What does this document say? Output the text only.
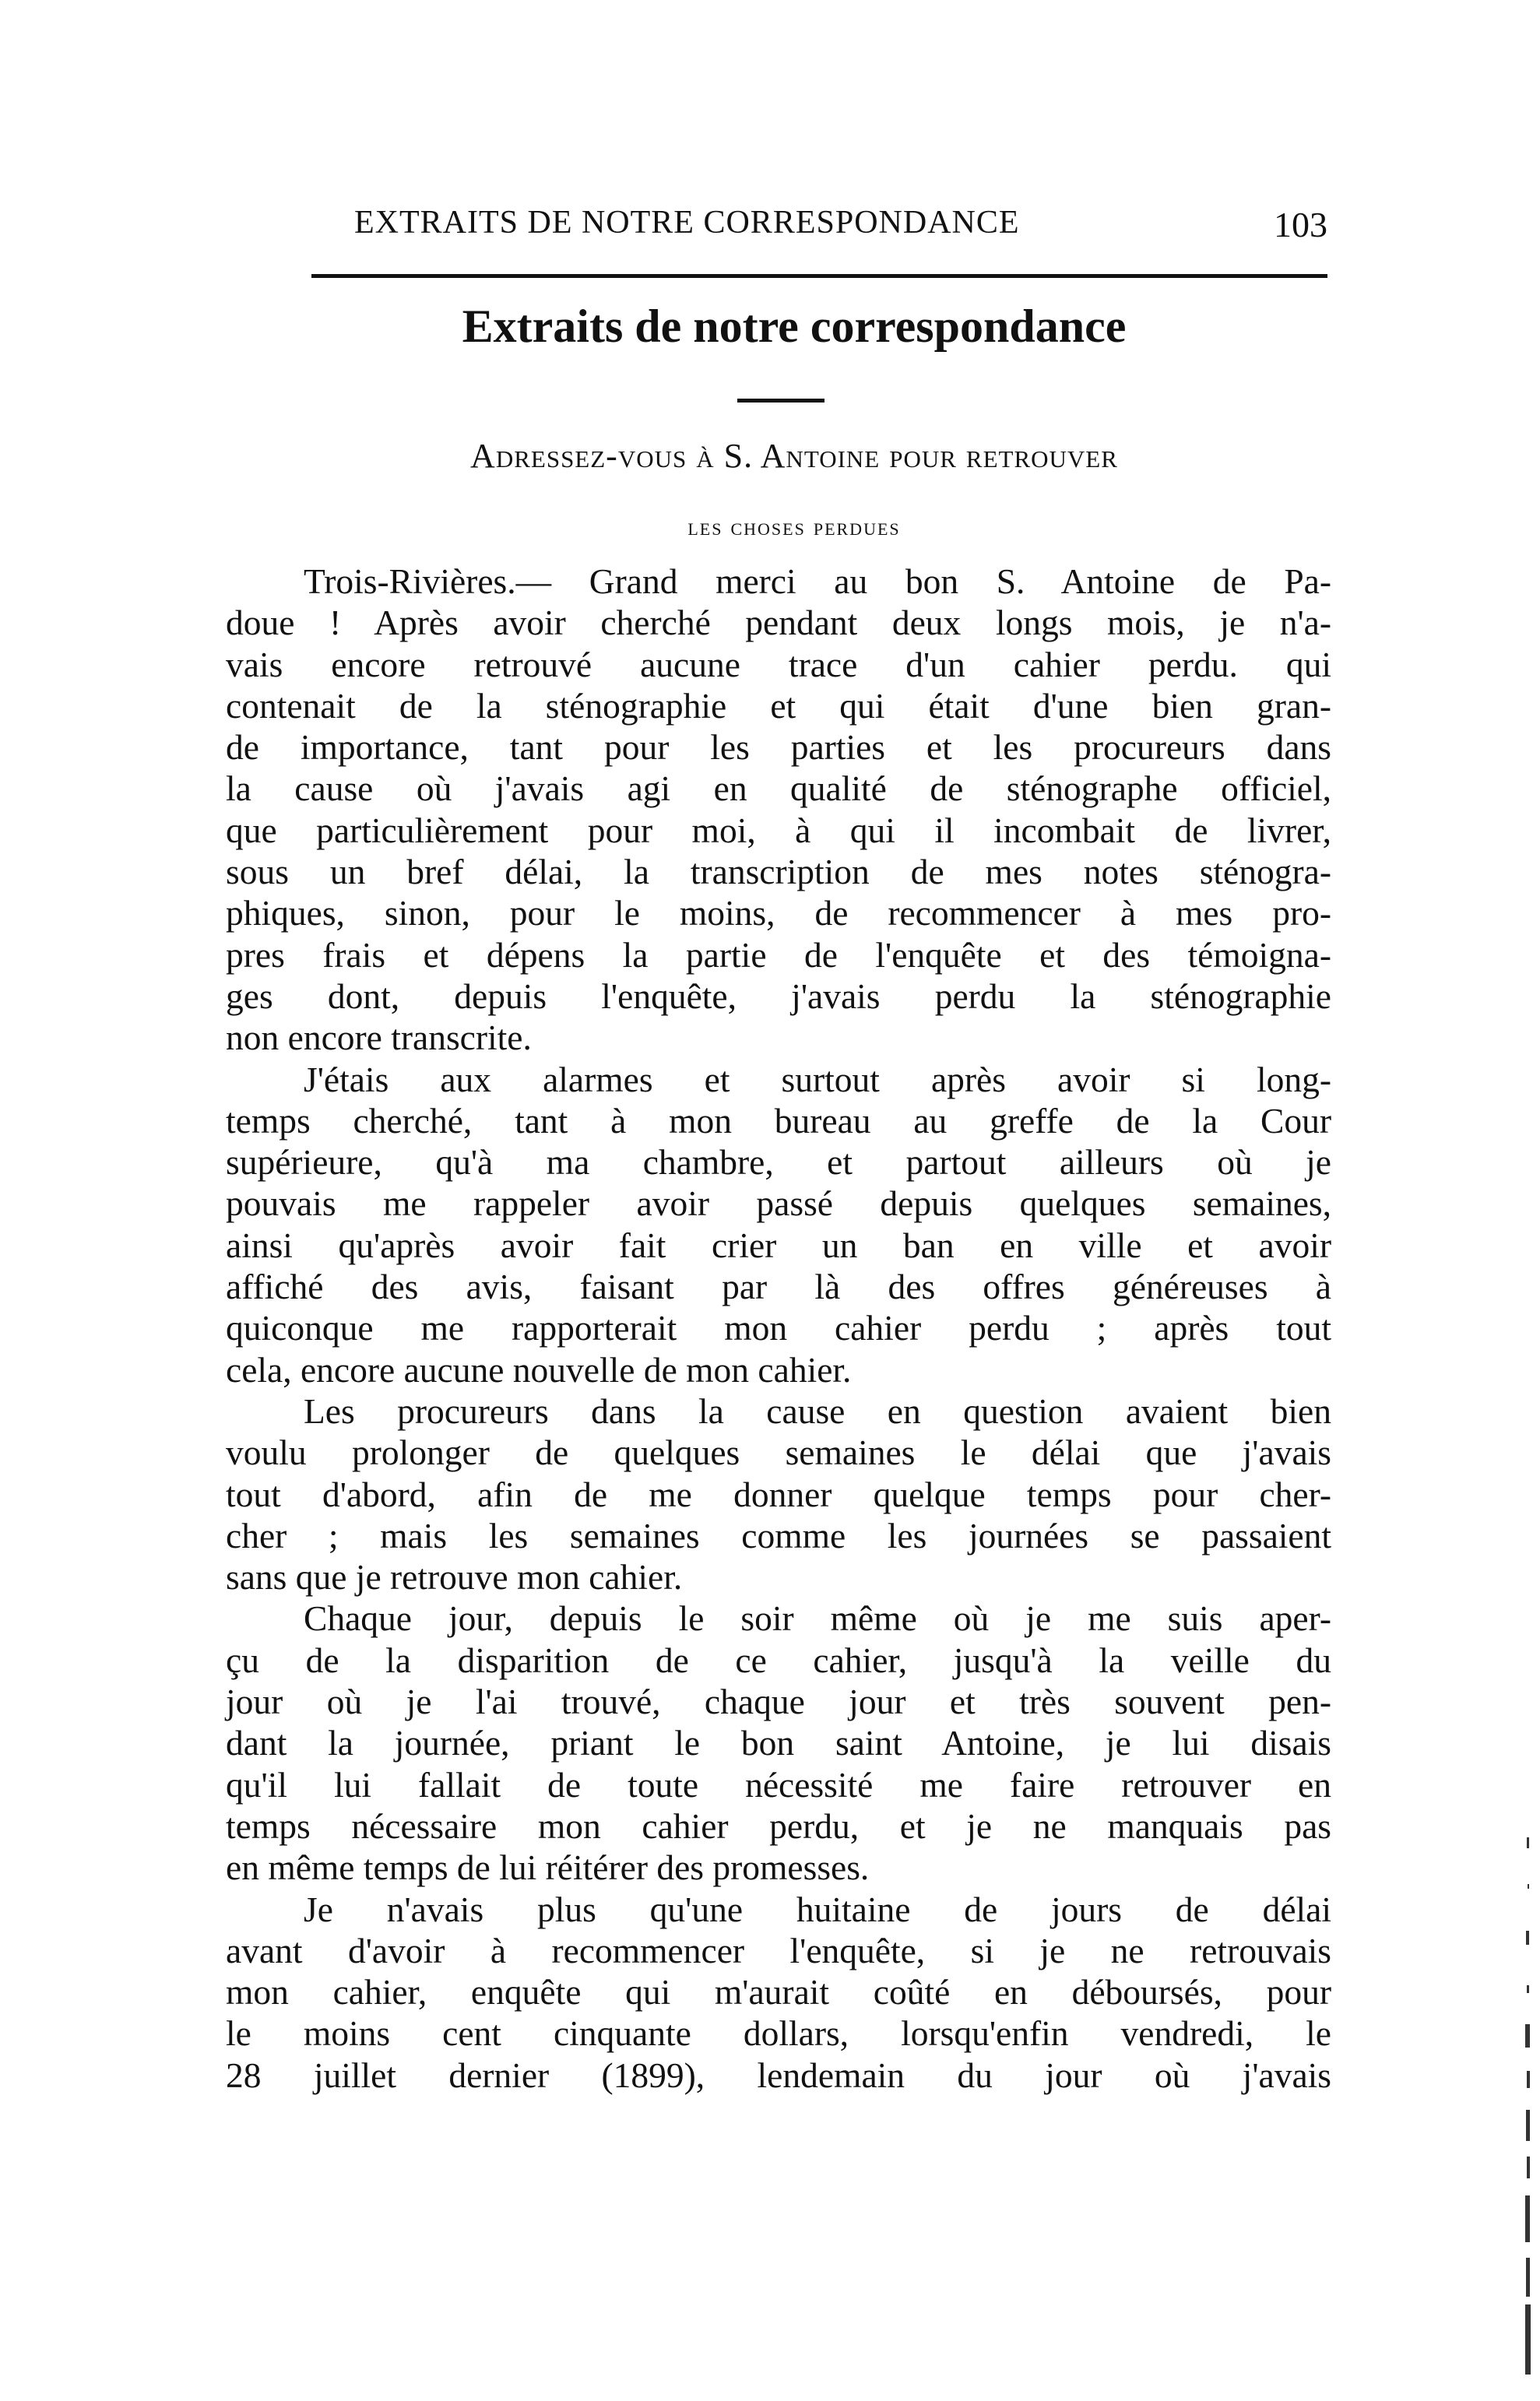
EXTRAITS DE NOTRE CORRESPONDANCE	103
Extraits de notre correspondance
Adressez-vous à S. Antoine pour retrouver
les choses perdues
Trois-Rivières.— Grand merci au bon S. Antoine de Pa-
doue ! Après avoir cherché pendant deux longs mois, je n'a-
vais encore retrouvé aucune trace d'un cahier perdu. qui
contenait de la sténographie et qui était d'une bien gran-
de importance, tant pour les parties et les procureurs dans
la cause où j'avais agi en qualité de sténographe officiel,
que particulièrement pour moi, à qui il incombait de livrer,
sous un bref délai, la transcription de mes notes sténogra-
phiques, sinon, pour le moins, de recommencer à mes pro-
pres frais et dépens la partie de l'enquête et des témoigna-
ges dont, depuis l'enquête, j'avais perdu la sténographie
non encore transcrite.
J'étais aux alarmes et surtout après avoir si long-
temps cherché, tant à mon bureau au greffe de la Cour
supérieure, qu'à ma chambre, et partout ailleurs où je
pouvais me rappeler avoir passé depuis quelques semaines,
ainsi qu'après avoir fait crier un ban en ville et avoir
affiché des avis, faisant par là des offres généreuses à
quiconque me rapporterait mon cahier perdu ; après tout
cela, encore aucune nouvelle de mon cahier.
Les procureurs dans la cause en question avaient bien
voulu prolonger de quelques semaines le délai que j'avais
tout d'abord, afin de me donner quelque temps pour cher-
cher ; mais les semaines comme les journées se passaient
sans que je retrouve mon cahier.
Chaque jour, depuis le soir même où je me suis aper-
çu de la disparition de ce cahier, jusqu'à la veille du
jour où je l'ai trouvé, chaque jour et très souvent pen-
dant la journée, priant le bon saint Antoine, je lui disais
qu'il lui fallait de toute nécessité me faire retrouver en
temps nécessaire mon cahier perdu, et je ne manquais pas
en même temps de lui réitérer des promesses.
Je n'avais plus qu'une huitaine de jours de délai
avant d'avoir à recommencer l'enquête, si je ne retrouvais
mon cahier, enquête qui m'aurait coûté en déboursés, pour
le moins cent cinquante dollars, lorsqu'enfin vendredi, le
28 juillet dernier (1899), lendemain du jour où j'avais
